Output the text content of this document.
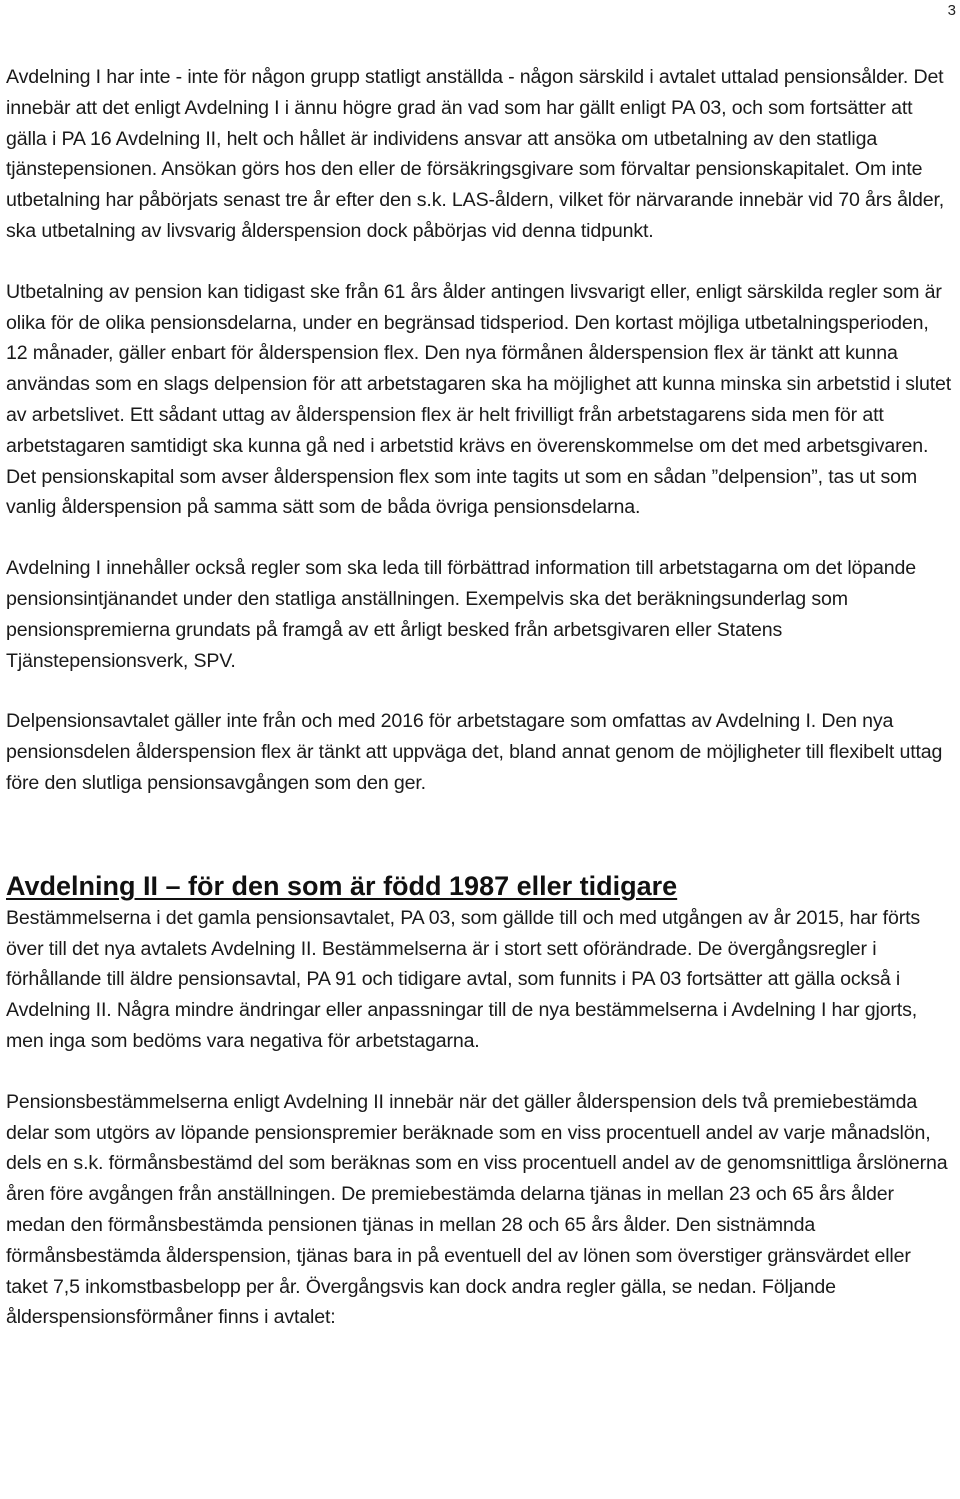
3

Avdelning I har inte - inte för någon grupp statligt anställda - någon särskild i avtalet uttalad pensionsålder. Det innebär att det enligt Avdelning I i ännu högre grad än vad som har gällt enligt PA 03, och som fortsätter att gälla i PA 16 Avdelning II, helt och hållet är individens ansvar att ansöka om utbetalning av den statliga tjänstepensionen. Ansökan görs hos den eller de försäkringsgivare som förvaltar pensionskapitalet. Om inte utbetalning har påbörjats senast tre år efter den s.k. LAS-åldern, vilket för närvarande innebär vid 70 års ålder, ska utbetalning av livsvarig ålderspension dock påbörjas vid denna tidpunkt.

Utbetalning av pension kan tidigast ske från 61 års ålder antingen livsvarigt eller, enligt särskilda regler som är olika för de olika pensionsdelarna, under en begränsad tidsperiod. Den kortast möjliga utbetalningsperioden, 12 månader, gäller enbart för ålderspension flex. Den nya förmånen ålderspension flex är tänkt att kunna användas som en slags delpension för att arbetstagaren ska ha möjlighet att kunna minska sin arbetstid i slutet av arbetslivet. Ett sådant uttag av ålderspension flex är helt frivilligt från arbetstagarens sida men för att arbetstagaren samtidigt ska kunna gå ned i arbetstid krävs en överenskommelse om det med arbetsgivaren. Det pensionskapital som avser ålderspension flex som inte tagits ut som en sådan ”delpension”, tas ut som vanlig ålderspension på samma sätt som de båda övriga pensionsdelarna.

Avdelning I innehåller också regler som ska leda till förbättrad information till arbetstagarna om det löpande pensionsintjänandet under den statliga anställningen. Exempelvis ska det beräkningsunderlag som pensionspremierna grundats på framgå av ett årligt besked från arbetsgivaren eller Statens Tjänstepensionsverk, SPV.

Delpensionsavtalet gäller inte från och med 2016 för arbetstagare som omfattas av Avdelning I. Den nya pensionsdelen ålderspension flex är tänkt att uppväga det, bland annat genom de möjligheter till flexibelt uttag före den slutliga pensionsavgången som den ger.

Avdelning II – för den som är född 1987 eller tidigare

Bestämmelserna i det gamla pensionsavtalet, PA 03, som gällde till och med utgången av år 2015, har förts över till det nya avtalets Avdelning II. Bestämmelserna är i stort sett oförändrade. De övergångsregler i förhållande till äldre pensionsavtal, PA 91 och tidigare avtal, som funnits i PA 03 fortsätter att gälla också i Avdelning II. Några mindre ändringar eller anpassningar till de nya bestämmelserna i Avdelning I har gjorts, men inga som bedöms vara negativa för arbetstagarna.

Pensionsbestämmelserna enligt Avdelning II innebär när det gäller ålderspension dels två premiebestämda delar som utgörs av löpande pensionspremier beräknade som en viss procentuell andel av varje månadslön, dels en s.k. förmånsbestämd del som beräknas som en viss procentuell andel av de genomsnittliga årslönerna åren före avgången från anställningen. De premiebestämda delarna tjänas in mellan 23 och 65 års ålder medan den förmånsbestämda pensionen tjänas in mellan 28 och 65 års ålder. Den sistnämnda förmånsbestämda ålderspension, tjänas bara in på eventuell del av lönen som överstiger gränsvärdet eller taket 7,5 inkomstbasbelopp per år. Övergångsvis kan dock andra regler gälla, se nedan. Följande ålderspensionsförmåner finns i avtalet:
